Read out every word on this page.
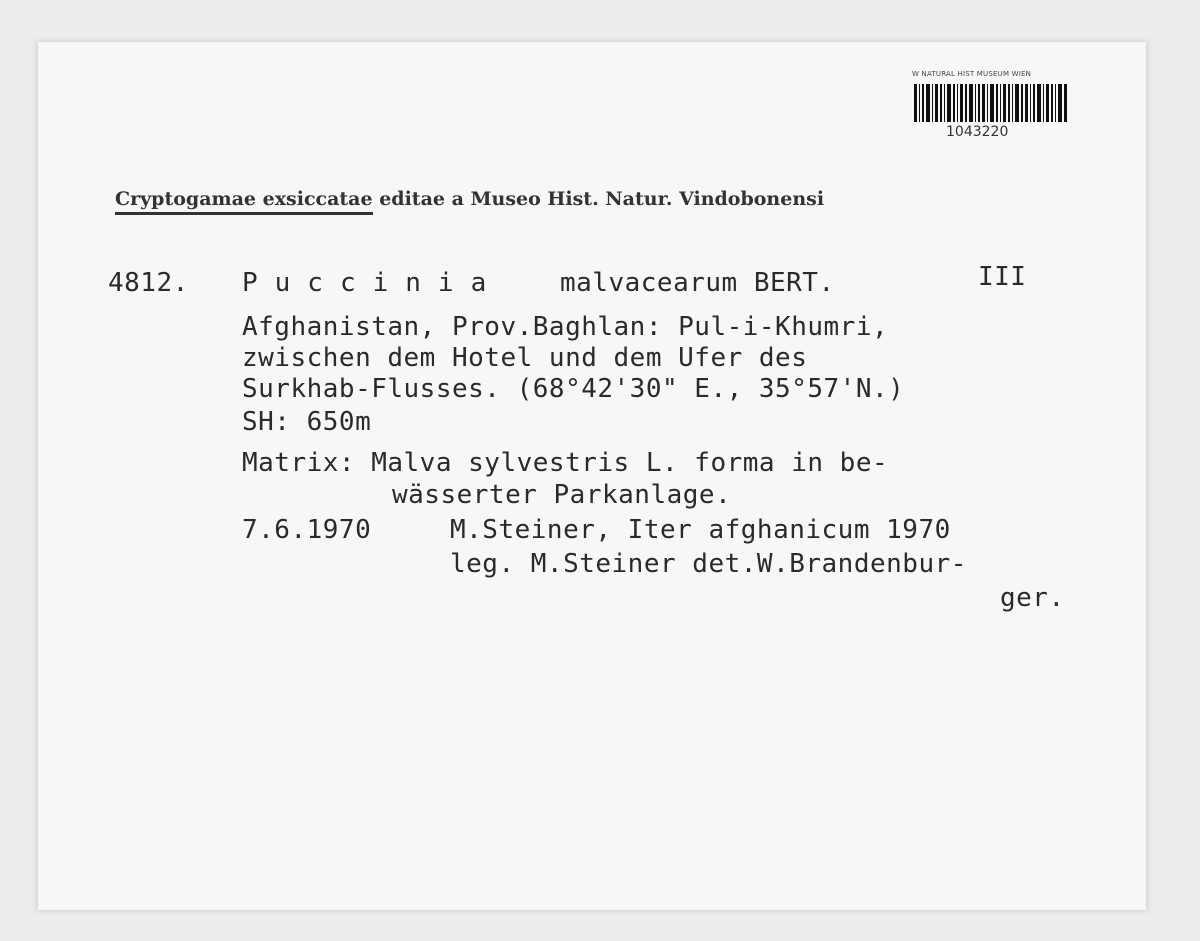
W NATURAL HIST MUSEUM WIEN
1043220
Cryptogamae exsiccatae editae a Museo Hist. Natur. Vindobonensi
4812. Puccinia malvacearum BERT.	III
Afghanistan, Prov.Baghlan: Pul-i-Khumri,
zwischen dem Hotel und dem Ufer des
Surkhab-Flusses. (68°42'30" E., 35°57'N.)
SH: 650m
Matrix: Malva sylvestris L. forma in be-
wässerter Parkanlage.
7.6.1970	M.Steiner, Iter afghanicum 1970
leg. M.Steiner det.W.Brandenbur-
ger.
